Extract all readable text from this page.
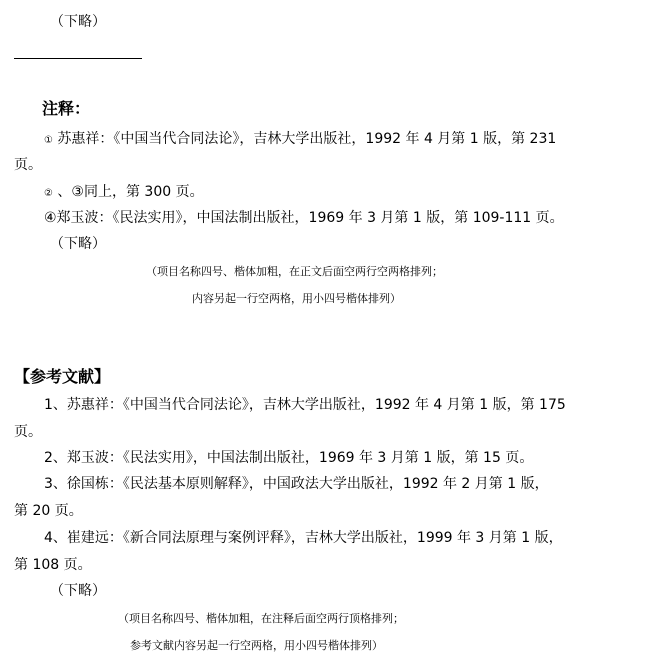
（下略）
注释：
① 苏惠祥：《中国当代合同法论》，吉林大学出版社，1992 年 4 月第 1 版，第 231
页。
② 、③同上，第 300 页。
④郑玉波：《民法实用》，中国法制出版社，1969 年 3 月第 1 版，第 109-111 页。
（下略）
（项目名称四号、楷体加粗，在正文后面空两行空两格排列；
内容另起一行空两格，用小四号楷体排列）
【参考文献】
1、苏惠祥：《中国当代合同法论》，吉林大学出版社，1992 年 4 月第 1 版，第 175
页。
2、郑玉波：《民法实用》，中国法制出版社，1969 年 3 月第 1 版，第 15 页。
3、徐国栋：《民法基本原则解释》，中国政法大学出版社，1992 年 2 月第 1 版，
第 20 页。
4、崔建远：《新合同法原理与案例评释》，吉林大学出版社，1999 年 3 月第 1 版，
第 108 页。
（下略）
（项目名称四号、楷体加粗，在注释后面空两行顶格排列；
参考文献内容另起一行空两格，用小四号楷体排列）
